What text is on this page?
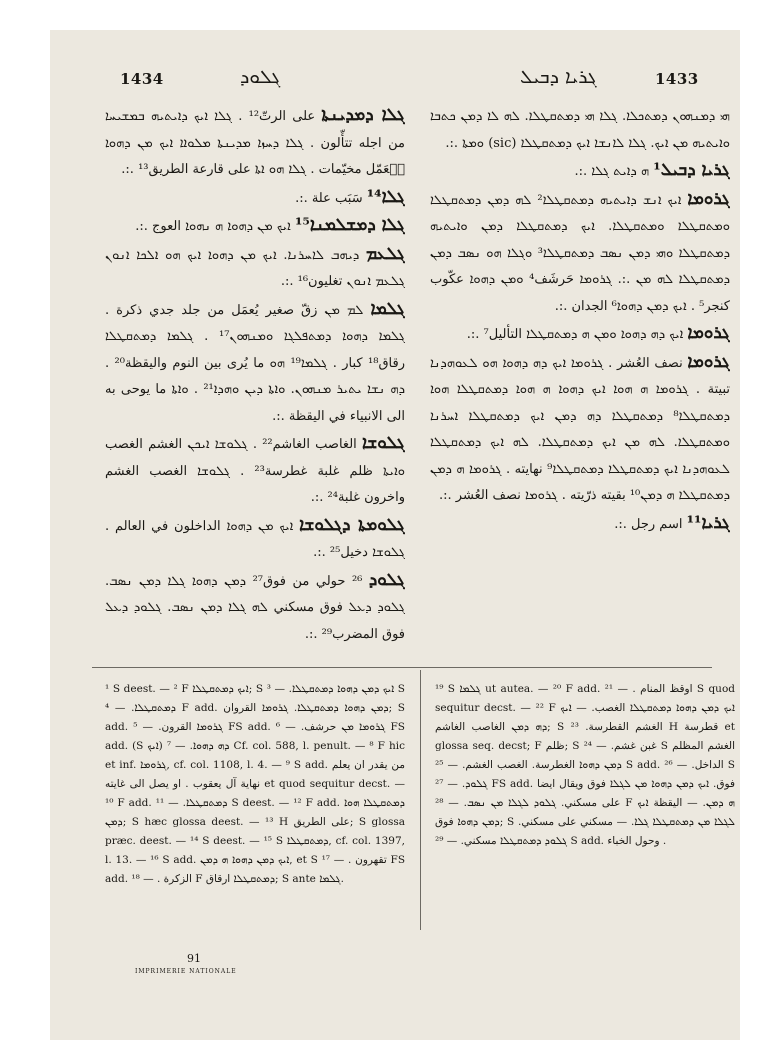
1434	ܓܠܘܕ	ܓܪܝܐ ܕܒܝܠ	1433

ܓܠܐ ܕܡܕܝܢܬܐ على الرتّ¹² . ܓܠܐ ܐܝܟ ܕܐܝܬܝܗ ܒܡܫܝܚܐ من اجله تتأّلون . ܓܠܐ ܕܚܙܐ ܡܕܝܢܬܐ ܡܠܘܐܐ ܐܝܟ ܡܢ ܕܗܘܐ ܝُعَمّل مخيّمات . ܓܠܐ ܗܘ ܐܬܐ على قارعة الطريق¹³ .:.

ܓܠܐ¹⁴ سَبَب علة .:.

ܓܠܐ ܕܡܫܠܡܢܐ¹⁵ ܐܝܟ ܡܢ ܕܗܘܐ ܗ ܢܗܘܐ العوج .:.

ܓܠܥܡ ܕܝܗܒ ܠܐܚܪܢܐ. ܐܝܟ ܡܢ ܕܗܘܐ ܐܝܟ ܗܘ ܐܠܟܐ ܐܢܘܢ ܓܠܥܡ ܐܢܘܢ تغليون¹⁶ .:.

ܓܠܡܐ ܠܡ ܡܢ زقّ صغير يُعمَل من جلد جدي ذكرة . ܓܠܡܐ ܕܗܘܐ ܕܡܬܦܠܓܐ ܘܡܢܗܘܢ¹⁷ . ܓܠܡܐ ܕܡܬܩܛܠܐ رقاق¹⁸ كبار . ܓܠܡܐ¹⁹ ܗܘ ما يُرى بين النوم واليقظة²⁰ . ܕܗ ܢܫܐ ܝܬܝܪ ܡܢܗܘܢ. ܘܐܬܐ ܕܝܢ ܘܗܕܐ²¹ . ܘܐܬܐ ما يوحى به الى الانبياء في اليقظة .:.

ܓܠܘܫܐ الغاصب الغاشم²² . ܓܠܘܫܐ ܐܝܟܢ الغشم الغصب ܘܐܝܬܐ ظلم غلبة غطرسة²³ . ܓܠܘܫܐ الغصب الغشم واخرون غلبة²⁴ .:.

ܓܠܘܡܬܐ ܕܓܠܘܫܐ ܐܝܟ ܡܢ ܕܗܘܐ الداخلون في العالم . ܓܠܘܫܐ دخيل²⁵ .:.

ܓܠܘܕ ²⁶ حولي من فوق²⁷ ܕܡܢ ܕܗܘܐ ܓܠܐ ܕܡܢ ܢܣܒ. ܓܠܘܕ ܕܥܠ فوق مسكني ܠܗ ܓܠܐ ܕܡܢ ܢܣܒ. ܓܠܘܕ ܕܥܠ فوق المضرب²⁹ .:.

ܗܝ ܕܡܢܗܘܢ ܕܡܬܟܠܐ. ܓܠܐ ܗܝ ܕܡܬܩܛܠܐ. ܠܗ ܠܐ ܕܡܢ ܟܬܒܐ ܘܐܝܬܝܗ ܡܢ ܐܝܟ. ܓܠܐ ܠܐܢܫܐ ܐܝܟ ܕܡܬܩܛܠܐ (sic) ܘܡܬܐ .:.

ܓܪܝܐ ܕܒܝܠ¹ ܗ ܕܐܝܬ ܓܠܐ .:.

ܓܪܘܡܐ ܐܝܟ ܐܢܫ ܕܐܝܬܝܗ ܕܡܬܩܛܠܐ² ܠܗ ܕܡܢ ܕܡܬܩܛܠܐ ܘܡܬܩܛܠܐ ܘܡܬܩܛܠܐ. ܐܝܟ ܕܡܬܩܛܠܐ ܕܡܢ ܘܐܝܬܝܗ ܕܡܬܩܛܠܐ ܘܗܝ ܕܡܢ ܢܣܒ ܕܡܬܩܛܠܐ³ ܘܓܠܐ ܗܘ ܢܣܒ ܕܡܢ ܕܡܬܩܛܠܐ ܠܗ ܡܢ .:. ܓܪܘܡܐ حَرشَف⁴ ܘܡܢ ܕܗܘܐ عكّوب كنجر⁵ . ܐܝܟ ܕܡܢ ܕܗܘܐ⁶ الجدان .:.

ܓܪܘܡܐ ܐܝܟ ܕܗ ܕܗܘܐ ܘܡܢ ܗ ܕܡܬܩܛܠܐ التأليل⁷ .:.

ܓܪܘܡܐ نصف العُشر . ܓܪܘܡܐ ܐܝܟ ܕܗ ܕܗܘܐ ܗܘ ܠܥܘܗܕܢܐ تبيتة . ܓܪܘܡܐ ܗ ܗܘܐ ܐܝܟ ܕܗܘܐ ܗ ܗܘܐ ܕܡܬܩܛܠܐ ܗܘܐ ܕܡܬܩܛܠܐ⁸ ܕܡܬܩܛܠܐ ܕܗ ܕܡܢ ܐܝܟ ܕܡܬܩܛܠܐ ܐܚܪܢܐ ܘܡܬܩܛܠܐ. ܠܗ ܡܢ ܐܝܟ ܕܡܬܩܛܠܐ. ܠܗ ܐܝܟ ܕܡܬܩܛܠܐ ܠܥܘܗܕܢܐ ܐܝܟ ܕܡܬܩܛܠܐ ܕܡܬܩܛܠܐ⁹ نهايته . ܓܪܘܡܐ ܗ ܕܡܢ ܕܡܬܩܛܠܐ ܗ ܕܡܢ¹⁰ بقيته ذرّيته . ܓܪܘܡܐ نصف العُشر .:.

ܓܪܝܐ¹¹ اسم رجل .:.

¹ S deest. — ² F ܐܝܟ ܕܡܬܩܛܠܐ; S ܐܝܟ ܕܡܢ ܕܗܘܐ ܕܡܬܩܛܠܐ. — ³ S ܕܡܬܩܛܠܐ. — ⁴ F add. ܕܡܢ ܕܗܘܐ ܕܡܬܩܛܠܐ. ܓܪܘܡܐ القروان; S add. ܓܪܘܡܐ القرون. — ⁵ FS add. ܓܪܘܡܐ ܡܢ حرشف. — ⁶ FS add. (S ܐܝܟ) ܕܗ ܕܗܘܐ. — ⁷ Cf. col. 588, l. penult. — ⁸ F hic et inf. ܓܪܘܡܐ, cf. col. 1108, l. 4. — ⁹ S add. من يقدر ان يعلم نهاية آل يعقوب . او يصل الى غايته et quod sequitur decst. — ¹⁰ F add. ܕܡܬܩܛܠܐ. — ¹¹ S deest. — ¹² F add. ܕܡܬܩܛܠܐ ܗܘܐ ܕܡܢ; S hæc glossa deest. — ¹³ H على الطريق; S glossa præc. deest. — ¹⁴ S deest. — ¹⁵ S ܕܡܬܩܛܠܐ, cf. col. 1397, l. 13. — ¹⁶ S add. ܐܝܟ ܕܡܢ ܕܗܘܐ ܗ ܕܡܢ, et S تقهرون . — ¹⁷ FS add. الزكرة . — ¹⁸ F ܕܡܬܩܛܠܐ ارقاق; S ante ܓܠܡܐ.

¹⁹ S ܓܠܡܐ ut autea. — ²⁰ F add. اوقظ المنام . — ²¹ S quod sequitur decst. — ²² F ܐܝܟ ܕܡܢ ܕܗܘܐ ܕܡܬܩܛܠܐ الغصب. — ܐܝܟ ܕܗ ܕܡܢ الغاصب الغاشم; S الغشم القطرسة. ²³ H قطرسة et glossa seq. decst; F ظلم; S غبن غشم. — ²⁴ S الغشم المظلم ܕܡܢ ܕܗܘܐ الغطرسة. الغصب الغشم. — ²⁵ S add. الداخل. — ²⁶ S ܓܠܘܕ. — ²⁷ FS add. فوق. ܐܝܟ ܕܡܢ ܕܗܘܐ ܡܢ ܠܓܠܐ فوق ويقال ايضا على مسكني. ܓܠܘܕ ܠܓܠܐ ܡܢ ܢܣܒ. — ²⁸ F ܗ ܕܡܢ. — اليقظة ܐܝܟ ܕܡܢ ܕܗܘܐ فوق; S ܠܓܠܐ ܡܢ ܕܡܬܩܛܠܐ ܓܠܐ. — مسكني على مسكني. ܓܠܘܕ ܕܡܬܩܛܠܐ مسكني. — ²⁹ S add. وحول الخباء .

91
IMPRIMERIE NATIONALE
